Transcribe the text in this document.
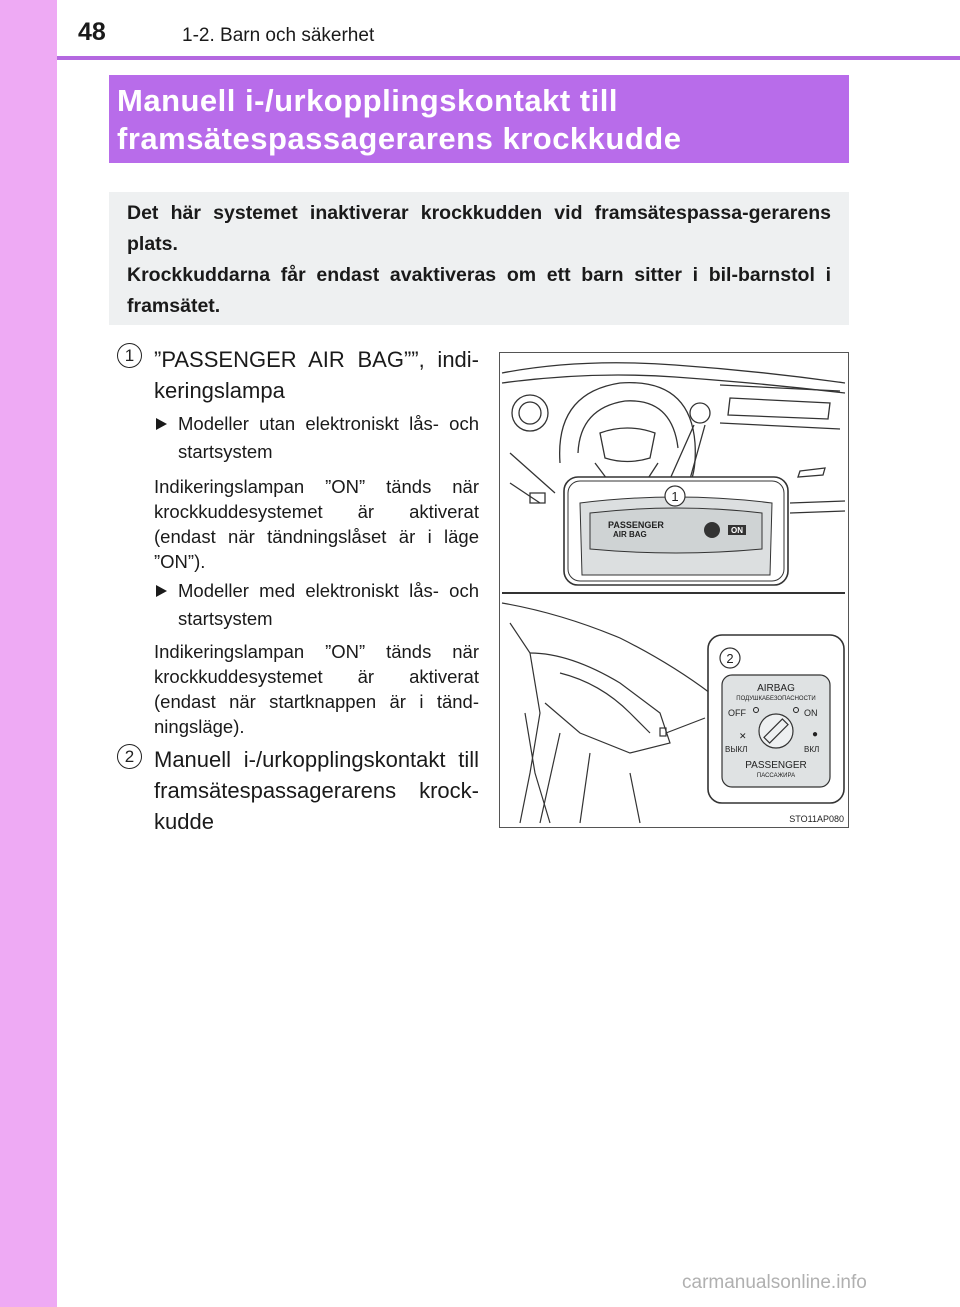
48	1-2. Barn och säkerhet
Manuell i-/urkopplingskontakt till
framsätespassagerarens krockkudde

Det här systemet inaktiverar krockkudden vid framsätespassa-gerarens plats.

Krockkuddarna får endast avaktiveras om ett barn sitter i bil-barnstol i framsätet.

1 ”PASSENGER AIR BAG””, indi-keringslampa
Modeller utan elektroniskt lås- och startsystem
Indikeringslampan ”ON” tänds när krockkuddesystemet är aktiverat (endast när tändningslåset är i läge ”ON”).
Modeller med elektroniskt lås- och startsystem
Indikeringslampan ”ON” tänds när krockkuddesystemet är aktiverat (endast när startknappen är i tänd-ningsläge).
2 Manuell i-/urkopplingskontakt till framsätespassagerarens krock-kudde
1
PASSENGER
AIR BAG	ON
2
AIRBAG
ПОДУШКАБЕЗОПАСНОСТИ
OFF	ON
✕	●
ВЫКЛ	ВКЛ
PASSENGER
ПАССАЖИРА
STO11AP080
carmanualsonline.info
